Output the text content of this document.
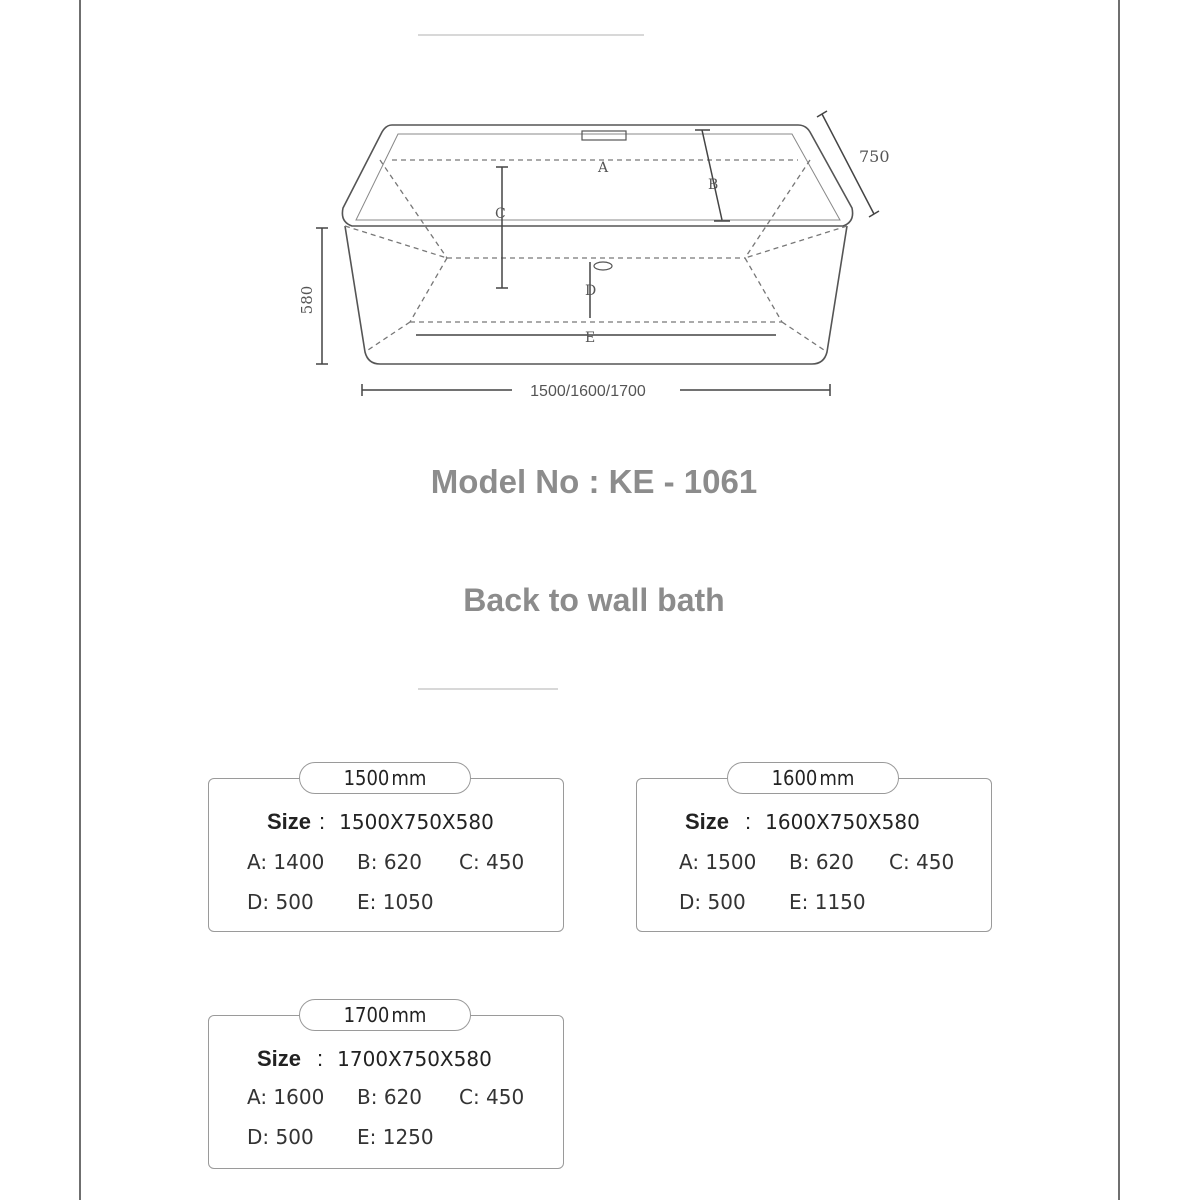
A
B
C
D
E
580
750
1500/1600/1700
Model No : KE - 1061
Back to wall bath
1500 mm
Size : 1500X750X580
A: 1400 B: 620 C: 450
D: 500 E: 1050
1600 mm
Size : 1600X750X580
A: 1500 B: 620 C: 450
D: 500 E: 1150
1700 mm
Size : 1700X750X580
A: 1600 B: 620 C: 450
D: 500 E: 1250
